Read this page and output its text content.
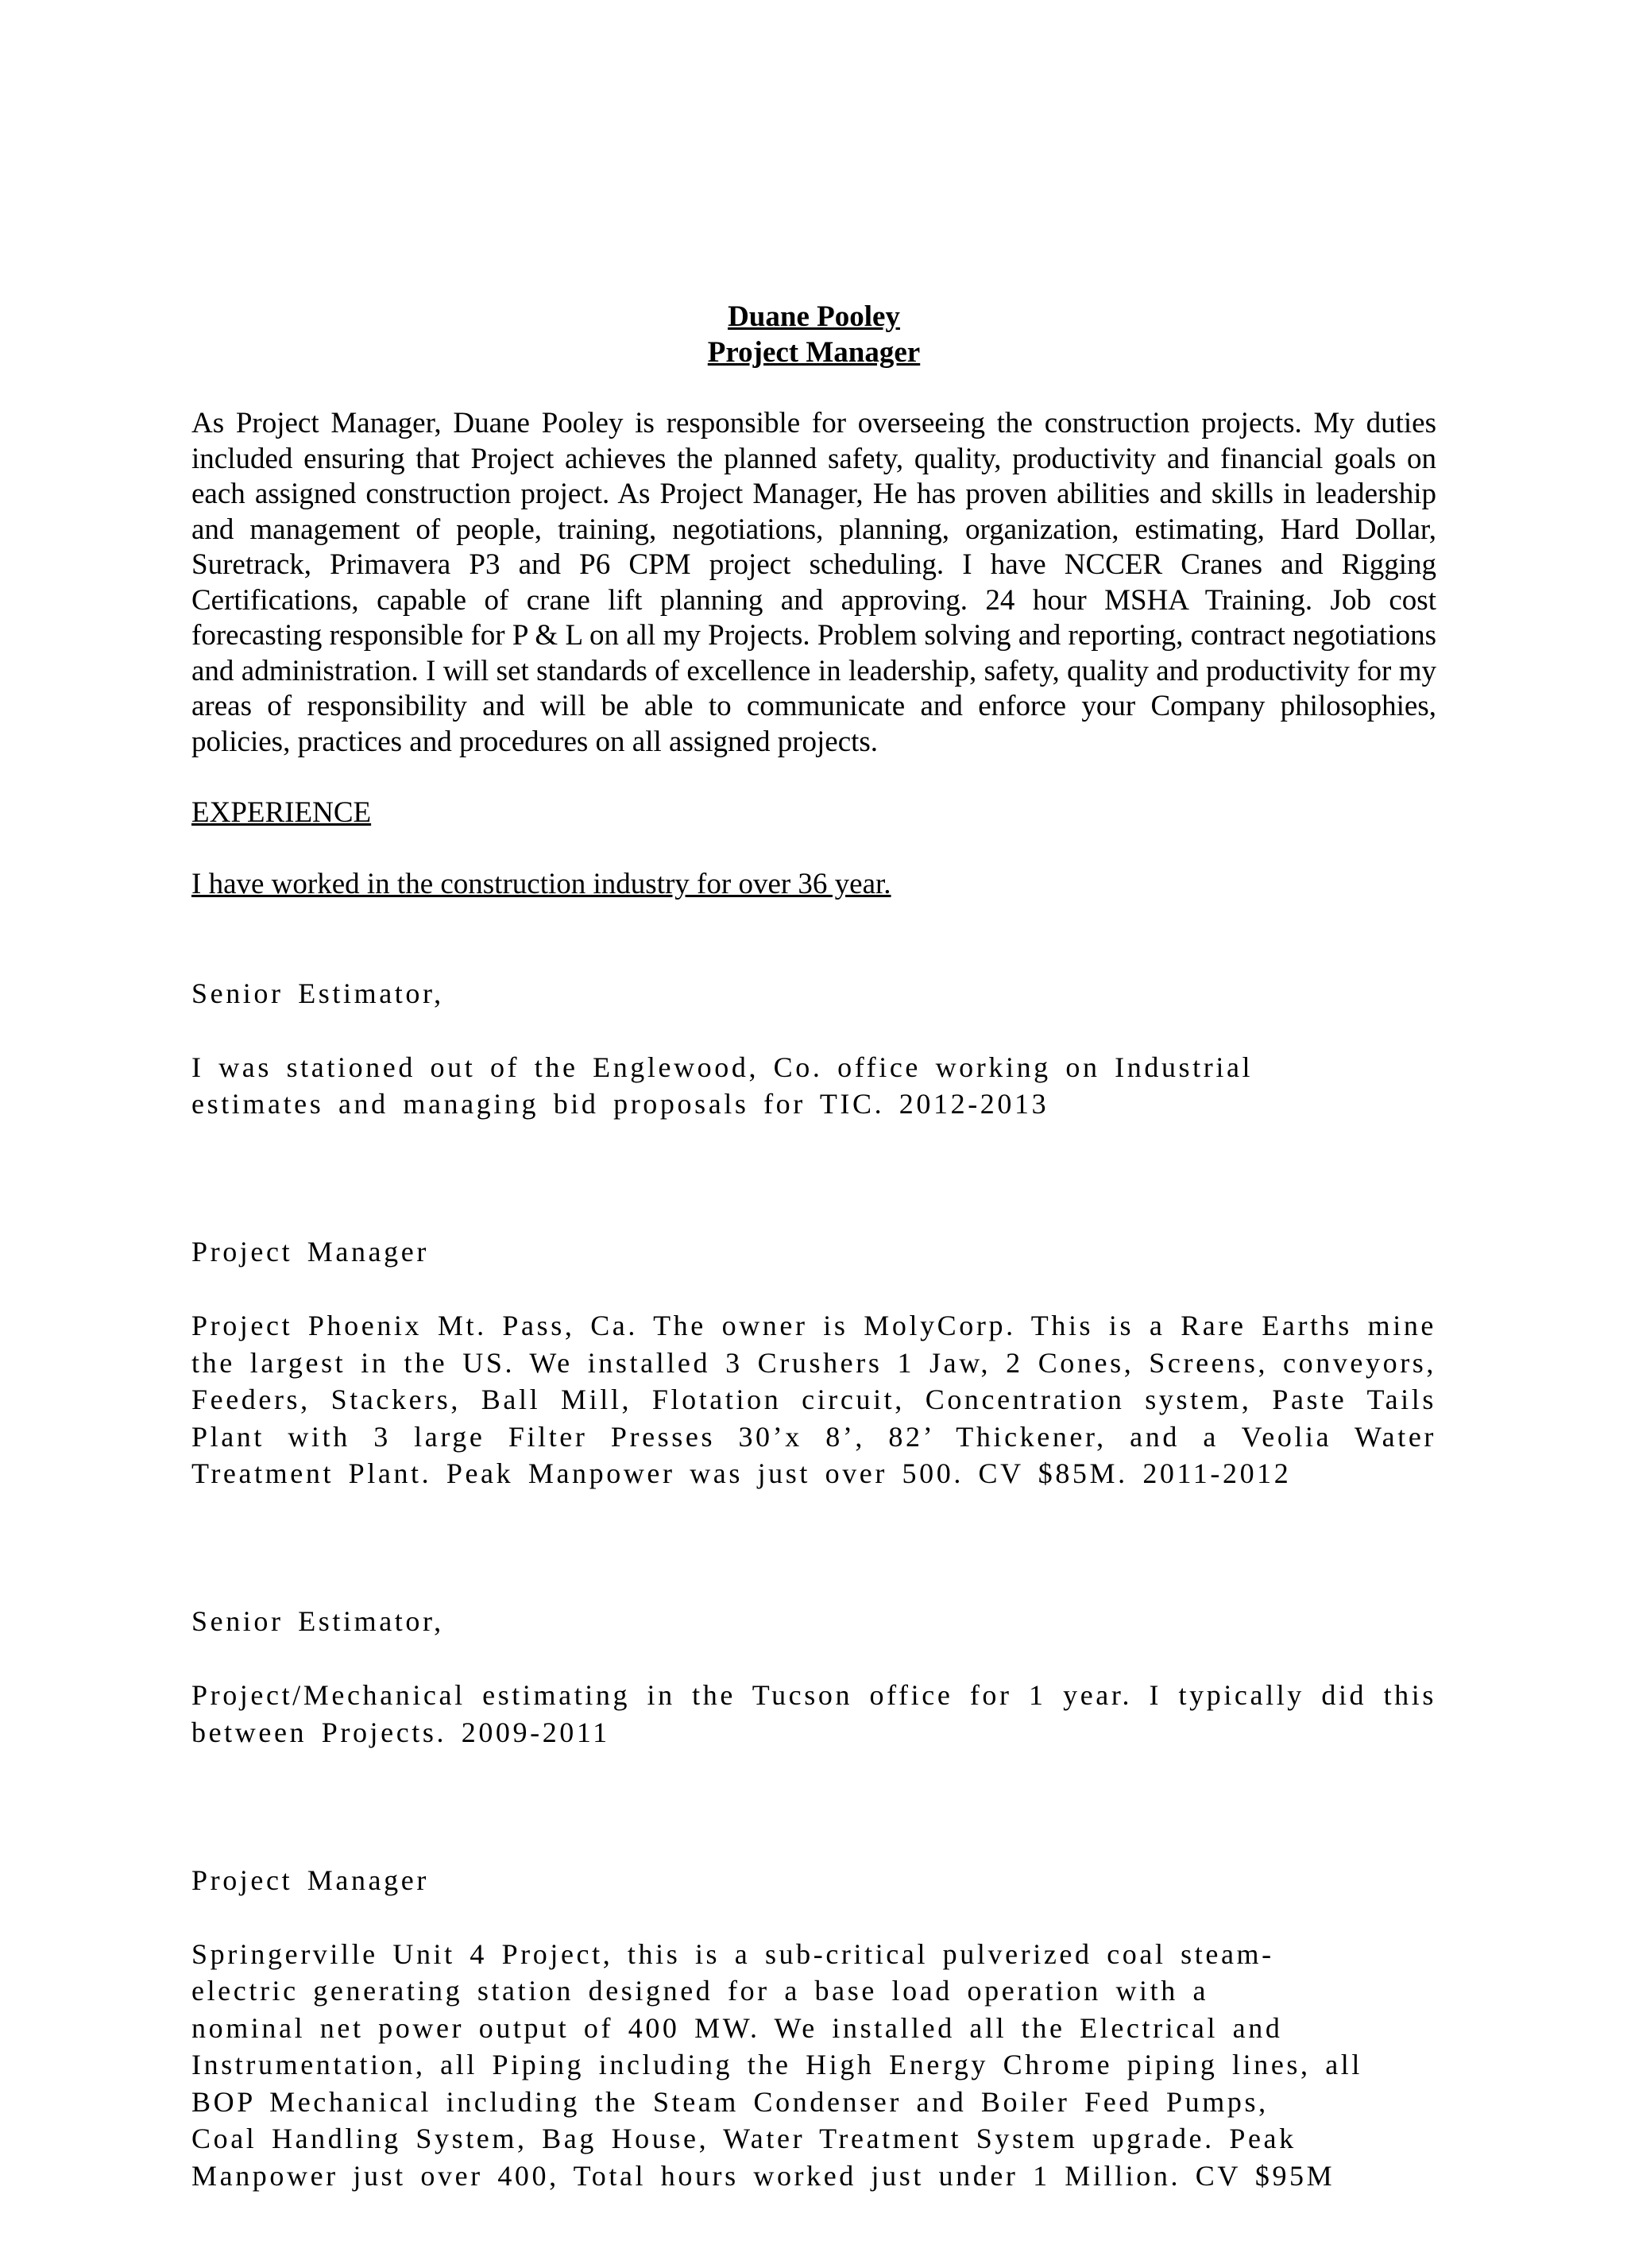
Duane Pooley

Project Manager

As Project Manager, Duane Pooley is responsible for overseeing the construction projects. My duties included ensuring that Project achieves the planned safety, quality, productivity and financial goals on each assigned construction project. As Project Manager, He has proven abilities and skills in leadership and management of people, training, negotiations, planning, organization, estimating, Hard Dollar, Suretrack, Primavera P3 and P6 CPM project scheduling. I have NCCER Cranes and Rigging Certifications, capable of crane lift planning and approving. 24 hour MSHA Training. Job cost forecasting responsible for P & L on all my Projects. Problem solving and reporting, contract negotiations and administration. I will set standards of excellence in leadership, safety, quality and productivity for my areas of responsibility and will be able to communicate and enforce your Company philosophies, policies, practices and procedures on all assigned projects.
EXPERIENCE
I have worked in the construction industry for over 36 year.

Senior Estimator,

I was stationed out of the Englewood, Co. office working on Industrial
estimates and managing bid proposals for TIC. 2012-2013

Project Manager

Project Phoenix Mt. Pass, Ca. The owner is MolyCorp. This is a Rare Earths mine the largest in the US. We installed 3 Crushers 1 Jaw, 2 Cones, Screens, conveyors, Feeders, Stackers, Ball Mill, Flotation circuit, Concentration system, Paste Tails Plant with 3 large Filter Presses 30’x 8’, 82’ Thickener, and a Veolia Water Treatment Plant. Peak Manpower was just over 500. CV $85M. 2011-2012

Senior Estimator,

Project/Mechanical estimating in the Tucson office for 1 year. I typically did this between Projects. 2009-2011

Project Manager

Springerville Unit 4 Project, this is a sub-critical pulverized coal steam-
electric generating station designed for a base load operation with a
nominal net power output of 400 MW. We installed all the Electrical and
Instrumentation, all Piping including the High Energy Chrome piping lines, all
BOP Mechanical including the Steam Condenser and Boiler Feed Pumps,
Coal Handling System, Bag House, Water Treatment System upgrade. Peak
Manpower just over 400, Total hours worked just under 1 Million. CV $95M
